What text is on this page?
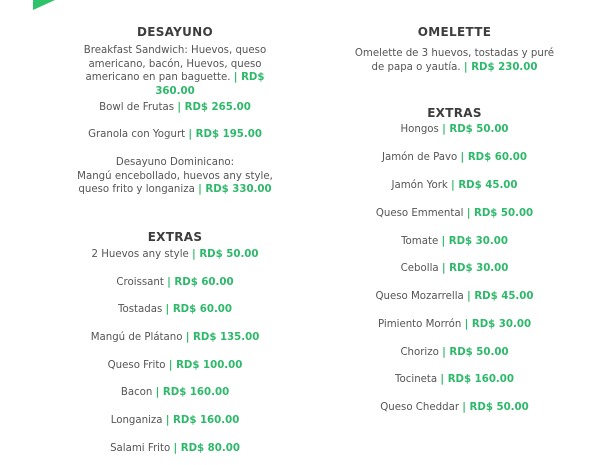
DESAYUNO
Breakfast Sandwich: Huevos, queso
americano, bacón, Huevos, queso
americano en pan baguette. | RD$ 360.00
Bowl de Frutas | RD$ 265.00
Granola con Yogurt | RD$ 195.00
Desayuno Dominicano:
Mangú encebollado, huevos any style,
queso frito y longaniza | RD$ 330.00
EXTRAS
2 Huevos any style | RD$ 50.00
Croissant | RD$ 60.00
Tostadas | RD$ 60.00
Mangú de Plátano | RD$ 135.00
Queso Frito | RD$ 100.00
Bacon | RD$ 160.00
Longaniza | RD$ 160.00
Salami Frito | RD$ 80.00
OMELETTE
Omelette de 3 huevos, tostadas y puré
de papa o yautía. | RD$ 230.00
EXTRAS
Hongos | RD$ 50.00
Jamón de Pavo | RD$ 60.00
Jamón York | RD$ 45.00
Queso Emmental | RD$ 50.00
Tomate | RD$ 30.00
Cebolla | RD$ 30.00
Queso Mozarrella | RD$ 45.00
Pimiento Morrón | RD$ 30.00
Chorizo | RD$ 50.00
Tocineta | RD$ 160.00
Queso Cheddar | RD$ 50.00
